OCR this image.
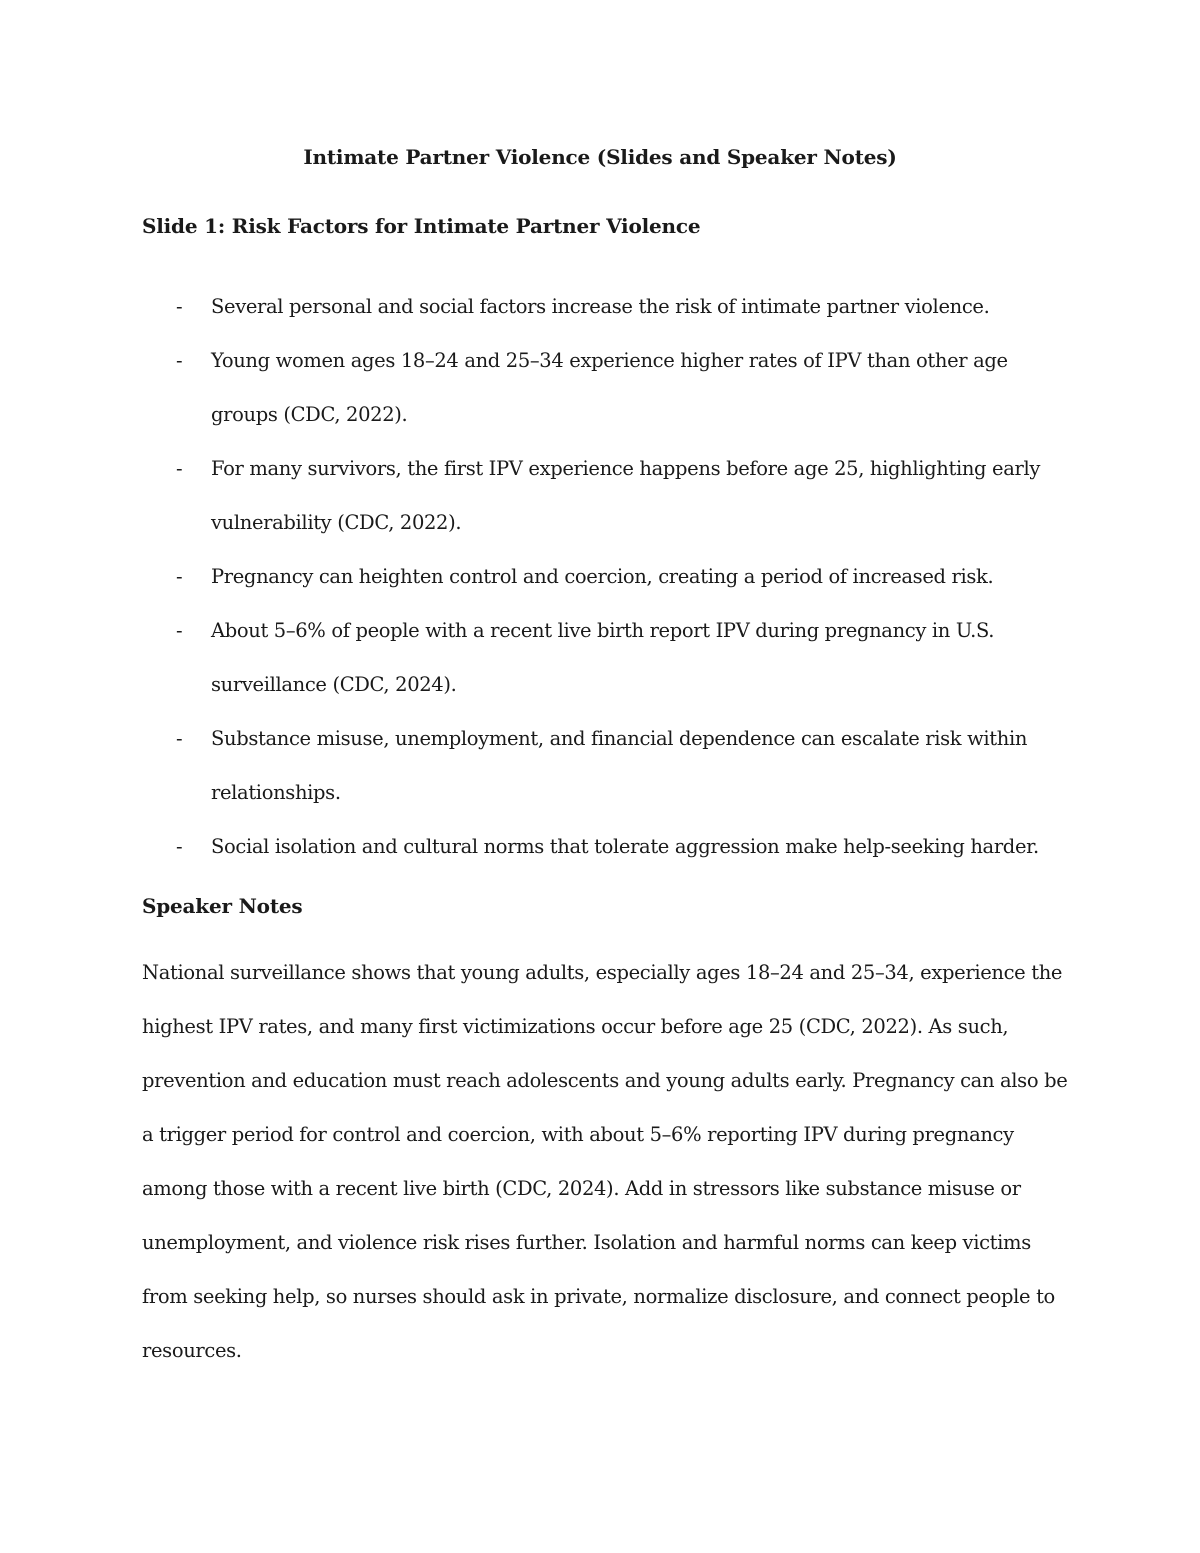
Intimate Partner Violence (Slides and Speaker Notes)
Slide 1: Risk Factors for Intimate Partner Violence
- Several personal and social factors increase the risk of intimate partner violence.
- Young women ages 18–24 and 25–34 experience higher rates of IPV than other age groups (CDC, 2022).
- For many survivors, the first IPV experience happens before age 25, highlighting early vulnerability (CDC, 2022).
- Pregnancy can heighten control and coercion, creating a period of increased risk.
- About 5–6% of people with a recent live birth report IPV during pregnancy in U.S. surveillance (CDC, 2024).
- Substance misuse, unemployment, and financial dependence can escalate risk within relationships.
- Social isolation and cultural norms that tolerate aggression make help-seeking harder.
Speaker Notes

National surveillance shows that young adults, especially ages 18–24 and 25–34, experience the highest IPV rates, and many first victimizations occur before age 25 (CDC, 2022). As such, prevention and education must reach adolescents and young adults early. Pregnancy can also be a trigger period for control and coercion, with about 5–6% reporting IPV during pregnancy among those with a recent live birth (CDC, 2024). Add in stressors like substance misuse or unemployment, and violence risk rises further. Isolation and harmful norms can keep victims from seeking help, so nurses should ask in private, normalize disclosure, and connect people to resources.
